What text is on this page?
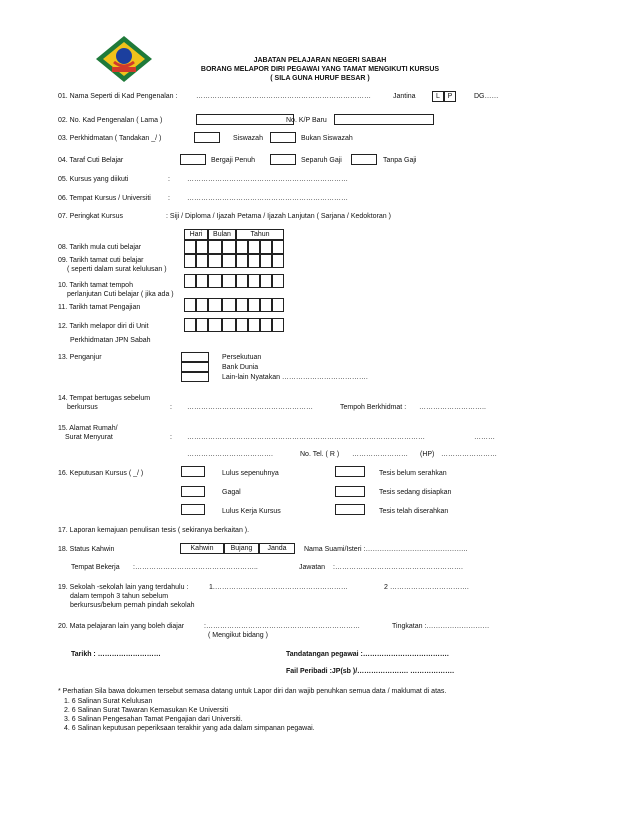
JABATAN PELAJARAN NEGERI SABAH
BORANG MELAPOR DIRI PEGAWAI YANG TAMAT MENGIKUTI KURSUS
( SILA GUNA HURUF BESAR )
01. Nama Seperti di Kad Pengenalan :	…………………………………………………………………	Jantina	L	P	DG……
02. No. Kad Pengenalan ( Lama )	No. K/P Baru
03. Perkhidmatan ( Tandakan _/ )	Siswazah	Bukan Siswazah
04. Taraf Cuti Belajar	Bergaji Penuh	Separuh Gaji	Tanpa Gaji
05. Kursus yang diikuti	: ……………………………………………………………
06. Tempat Kursus / Universiti : ……………………………………………………………
07. Peringkat Kursus	: Siji / Diploma / Ijazah Petama / Ijazah Lanjutan ( Sarjana / Kedoktoran )
Hari	Bulan	Tahun
08. Tarikh mula cuti belajar
09. Tarikh tamat cuti belajar
( seperti dalam surat kelulusan )
10. Tarikh tamat tempoh
perlanjutan Cuti belajar ( jika ada )
11. Tarikh tamat Pengajian
12. Tarikh melapor diri di Unit
Perkhidmatan JPN Sabah
13. Penganjur	Persekutuan
Bank Dunia
Lain-lain Nyatakan ……………………………….
14. Tempat bertugas sebelum
berkursus	: ………………………………………………	Tempoh Berkhidmat : ………………………..
15. Alamat Rumah/
Surat Menyurat	: …………………………………………………………………………………………	………
……………………………….	No. Tel. ( R ) …………………… (HP) ……………………
16. Keputusan Kursus ( _/ )	Lulus sepenuhnya	Tesis belum serahkan
Gagal	Tesis sedang disiapkan
Lulus Kerja Kursus	Tesis telah diserahkan
17. Laporan kemajuan penulisan tesis ( sekiranya berkaitan ).
18. Status Kahwin	Kahwin	Bujang	Janda	Nama Suami/Isteri :……………………………………..
Tempat Bekerja :……………………………………………..	Jawatan :……………………………………………….
19. Sekolah -sekolah lain yang terdahulu :	1.…………………………………………………	2 …………………………….
dalam tempoh 3 tahun sebelum
berkursus/belum pernah pindah sekolah
20. Mata pelajaran lain yang boleh diajar	:…………………………………………………………	Tingkatan :………………………
( Mengikut bidang )
Tarikh : ………………………	Tandatangan pegawai :……………………………….
Fail Peribadi :JP(sb )/…………………. ……………….
* Perhatian Sila bawa dokumen tersebut semasa datang untuk Lapor diri dan wajib penuhkan semua data / maklumat di atas.
1. 6 Salinan Surat Kelulusan
2. 6 Salinan Surat Tawaran Kemasukan Ke Universiti
3. 6 Salinan Pengesahan Tamat Pengajian dari Universiti.
4. 6 Salinan keputusan peperiksaan terakhir yang ada dalam simpanan pegawai.
